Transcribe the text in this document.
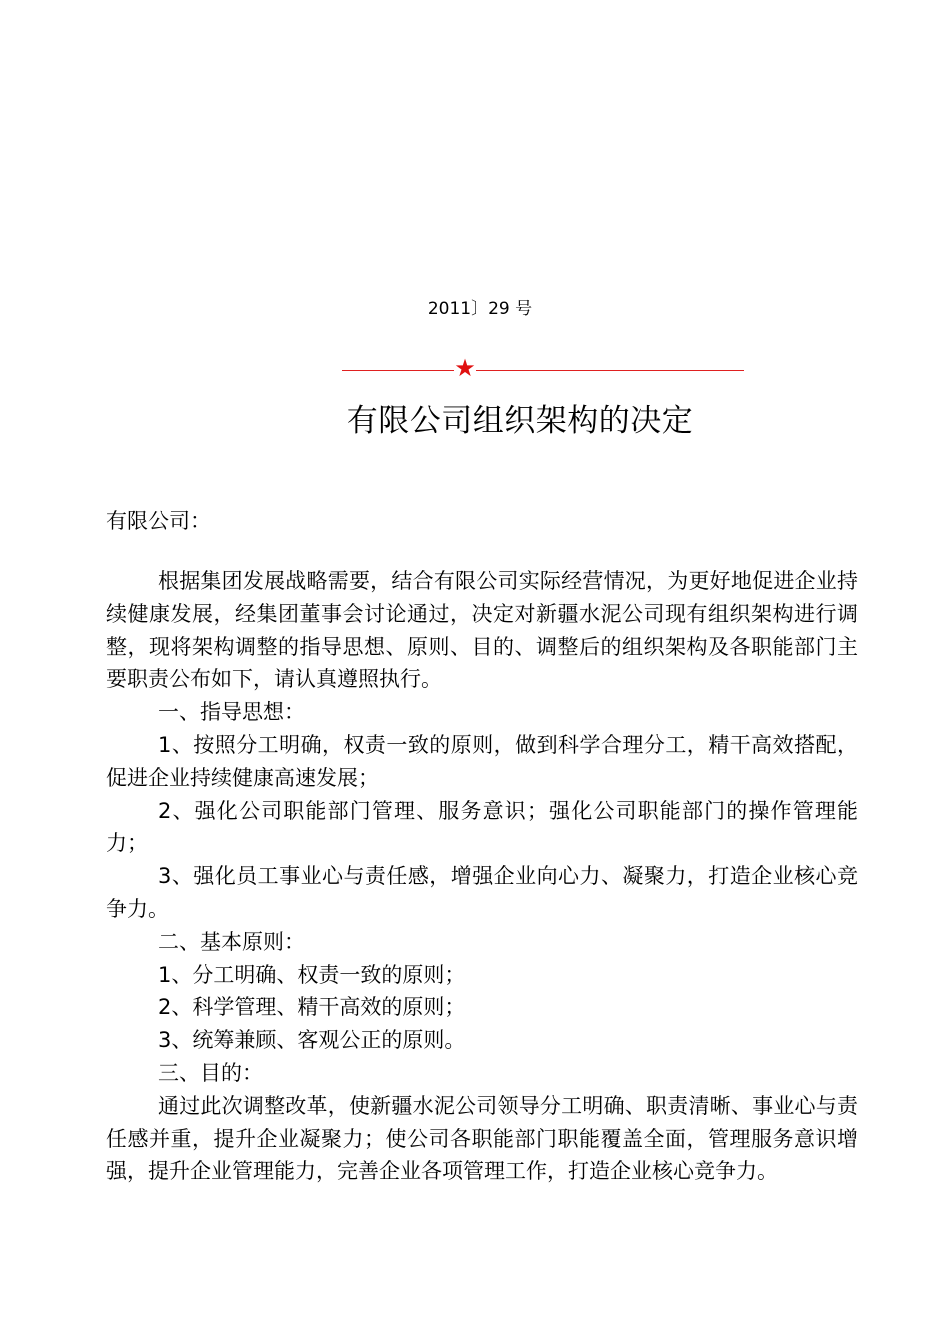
2011〕29 号
★
有限公司组织架构的决定
有限公司：

根据集团发展战略需要，结合有限公司实际经营情况，为更好地促进企业持续健康发展，经集团董事会讨论通过，决定对新疆水泥公司现有组织架构进行调整，现将架构调整的指导思想、原则、目的、调整后的组织架构及各职能部门主要职责公布如下，请认真遵照执行。

一、指导思想：

1、按照分工明确，权责一致的原则，做到科学合理分工，精干高效搭配，促进企业持续健康高速发展；

2、强化公司职能部门管理、服务意识；强化公司职能部门的操作管理能力；

3、强化员工事业心与责任感，增强企业向心力、凝聚力，打造企业核心竞争力。

二、基本原则：

1、分工明确、权责一致的原则；

2、科学管理、精干高效的原则；

3、统筹兼顾、客观公正的原则。

三、目的：

通过此次调整改革，使新疆水泥公司领导分工明确、职责清晰、事业心与责任感并重，提升企业凝聚力；使公司各职能部门职能覆盖全面，管理服务意识增强，提升企业管理能力，完善企业各项管理工作，打造企业核心竞争力。
